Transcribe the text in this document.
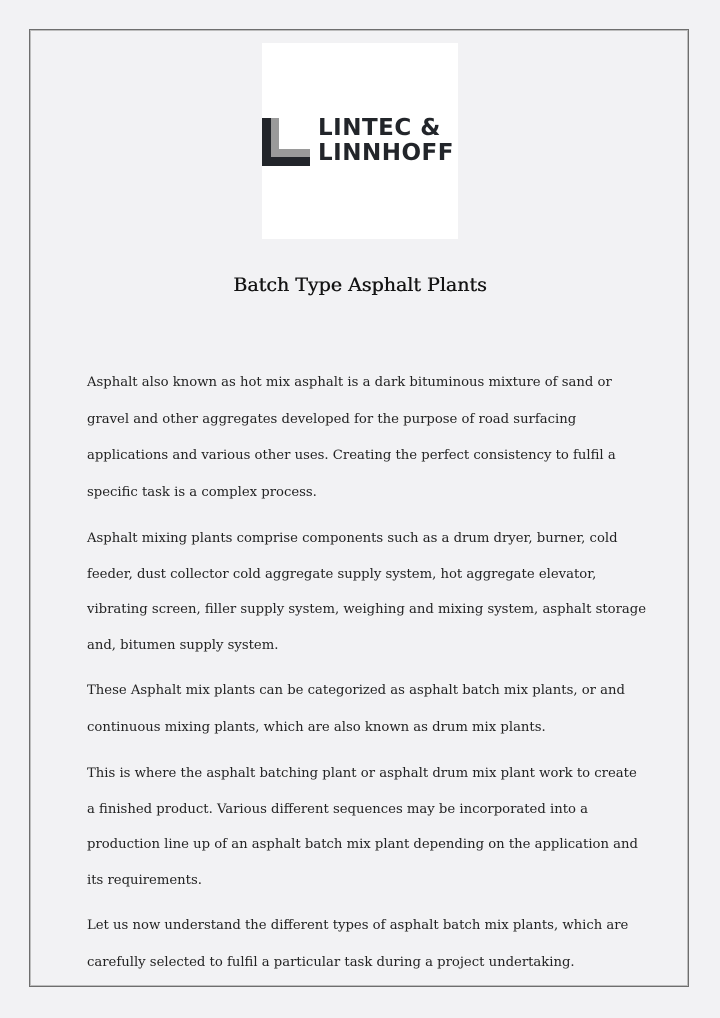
LINTEC &
LINNHOFF
Batch Type Asphalt Plants

Asphalt also known as hot mix asphalt is a dark bituminous mixture of sand or gravel and other aggregates developed for the purpose of road surfacing applications and various other uses. Creating the perfect consistency to fulfil a specific task is a complex process.

Asphalt mixing plants comprise components such as a drum dryer, burner, cold feeder, dust collector cold aggregate supply system, hot aggregate elevator, vibrating screen, filler supply system, weighing and mixing system, asphalt storage and, bitumen supply system.

These Asphalt mix plants can be categorized as asphalt batch mix plants, or and continuous mixing plants, which are also known as drum mix plants.

This is where the asphalt batching plant or asphalt drum mix plant work to create a finished product. Various different sequences may be incorporated into a production line up of an asphalt batch mix plant depending on the application and its requirements.

Let us now understand the different types of asphalt batch mix plants, which are carefully selected to fulfil a particular task during a project undertaking.
